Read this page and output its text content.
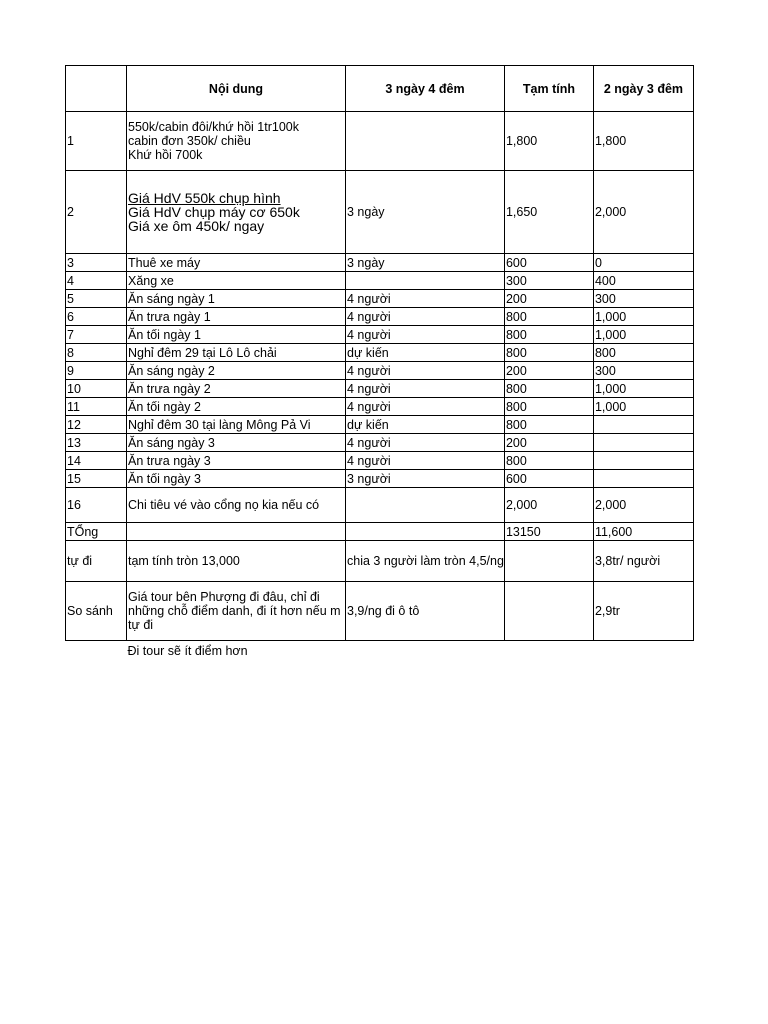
	Nội dung	3 ngày 4 đêm	Tạm tính	2 ngày 3 đêm
1	550k/cabin đôi/khứ hồi 1tr100k
cabin đơn 350k/ chiều
Khứ hồi 700k		1,800	1,800
2	Giá HdV 550k chụp hình
Giá HdV chụp máy cơ 650k
Giá xe ôm 450k/ ngay	3 ngày	1,650	2,000
3	Thuê xe máy	3 ngày	600	0
4	Xăng xe		300	400
5	Ăn sáng ngày 1	4 người	200	300
6	Ăn trưa ngày 1	4 người	800	1,000
7	Ăn tối ngày 1	4 người	800	1,000
8	Nghỉ đêm 29 tại Lô Lô chải	dự kiến	800	800
9	Ăn sáng ngày 2	4 người	200	300
10	Ăn trưa ngày 2	4 người	800	1,000
11	Ăn tối ngày 2	4 người	800	1,000
12	Nghỉ đêm 30 tại làng Mông Pả Vi	dự kiến	800	
13	Ăn sáng ngày 3	4 người	200	
14	Ăn trưa ngày 3	4 người	800	
15	Ăn tối ngày 3	3 người	600	
16	Chi tiêu vé vào cổng nọ kia nếu có		2,000	2,000
TỔng			13150	11,600
tự đi	tạm tính tròn 13,000	chia 3 người làm tròn 4,5/ng		3,8tr/ người
So sánh	Giá tour bên Phượng đi đâu, chỉ đi những chỗ điểm danh, đi ít hơn nếu m tự đi	3,9/ng đi ô tô		2,9tr
	Đi tour sẽ ít điểm hơn			
